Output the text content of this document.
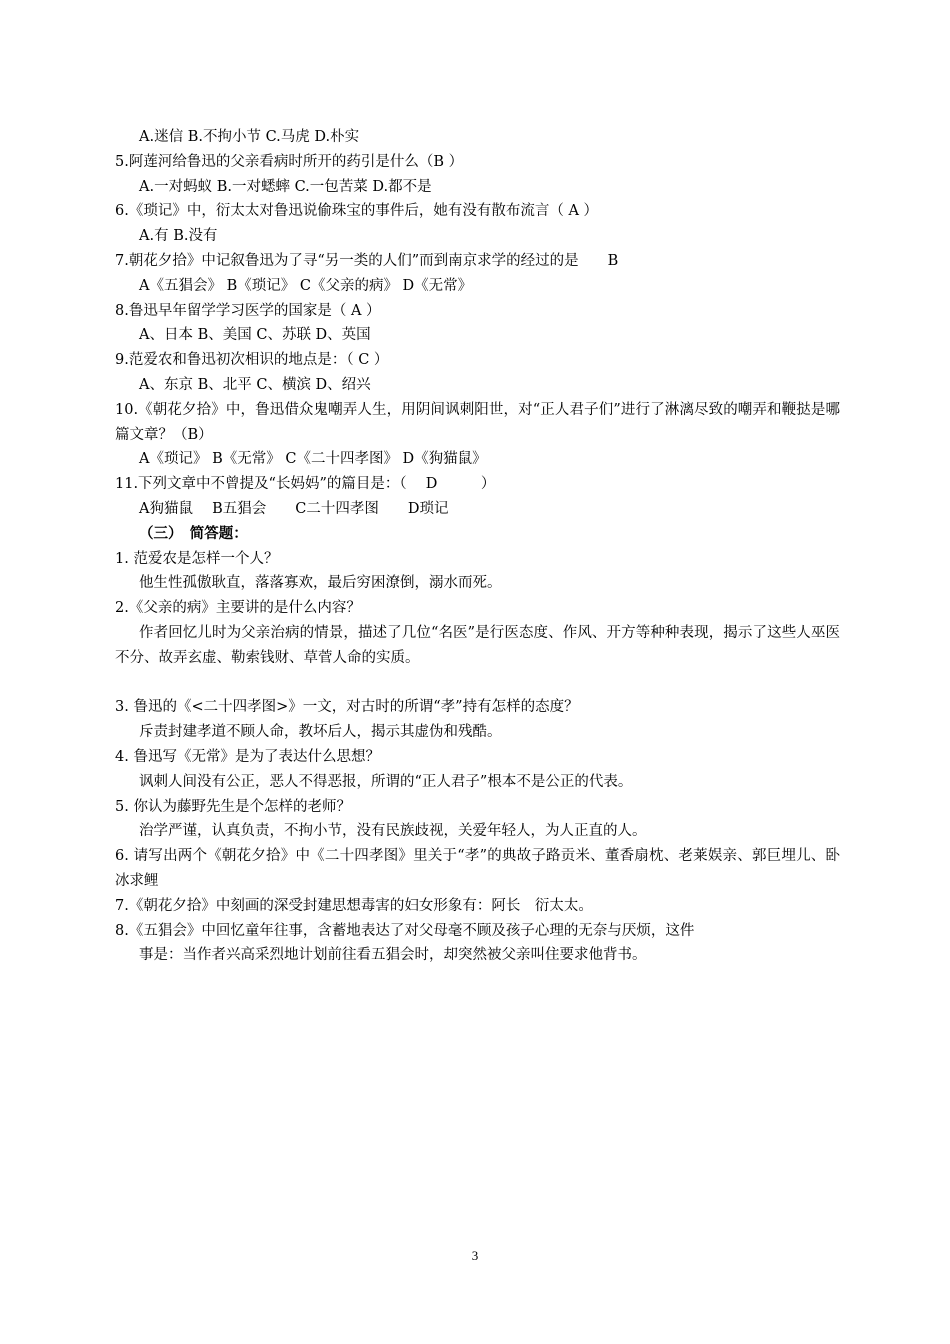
A.迷信 B.不拘小节 C.马虎 D.朴实
5.阿莲河给鲁迅的父亲看病时所开的药引是什么（B ）
A.一对蚂蚁 B.一对蟋蟀 C.一包苦菜 D.都不是
6.《琐记》中，衍太太对鲁迅说偷珠宝的事件后，她有没有散布流言（ A ）
A.有 B.没有
7.朝花夕拾》中记叙鲁迅为了寻“另一类的人们”而到南京求学的经过的是　　B
A《五猖会》 B《琐记》 C《父亲的病》 D《无常》
8.鲁迅早年留学学习医学的国家是（ A ）
A、日本 B、美国 C、苏联 D、英国
9.范爱农和鲁迅初次相识的地点是：（ C ）
A、东京 B、北平 C、横滨 D、绍兴
10.《朝花夕拾》中，鲁迅借众鬼嘲弄人生，用阴间讽刺阳世，对“正人君子们”进行了淋漓尽致的嘲弄和鞭挞是哪篇文章？（B）
A《琐记》 B《无常》 C《二十四孝图》 D《狗猫鼠》
11.下列文章中不曾提及“长妈妈”的篇目是：（　 D　　　）
A狗猫鼠　 B五猖会　　C二十四孝图　　D琐记
（三）　简答题：
1. 范爱农是怎样一个人？
他生性孤傲耿直，落落寡欢，最后穷困潦倒，溺水而死。
2.《父亲的病》主要讲的是什么内容？
作者回忆儿时为父亲治病的情景，描述了几位“名医”是行医态度、作风、开方等种种表现，揭示了这些人巫医不分、故弄玄虚、勒索钱财、草菅人命的实质。
3. 鲁迅的《<二十四孝图>》一文，对古时的所谓“孝”持有怎样的态度？
斥责封建孝道不顾人命，教坏后人，揭示其虚伪和残酷。
4. 鲁迅写《无常》是为了表达什么思想？
讽刺人间没有公正，恶人不得恶报，所谓的“正人君子”根本不是公正的代表。
5. 你认为藤野先生是个怎样的老师？
治学严谨，认真负责，不拘小节，没有民族歧视，关爱年轻人，为人正直的人。
6. 请写出两个《朝花夕拾》中《二十四孝图》里关于“孝”的典故子路贡米、董香扇枕、老莱娱亲、郭巨埋儿、卧冰求鲤
7.《朝花夕拾》中刻画的深受封建思想毒害的妇女形象有：阿长　衍太太。
8.《五猖会》中回忆童年往事，含蓄地表达了对父母毫不顾及孩子心理的无奈与厌烦，这件
事是：当作者兴高采烈地计划前往看五猖会时，却突然被父亲叫住要求他背书。
3
